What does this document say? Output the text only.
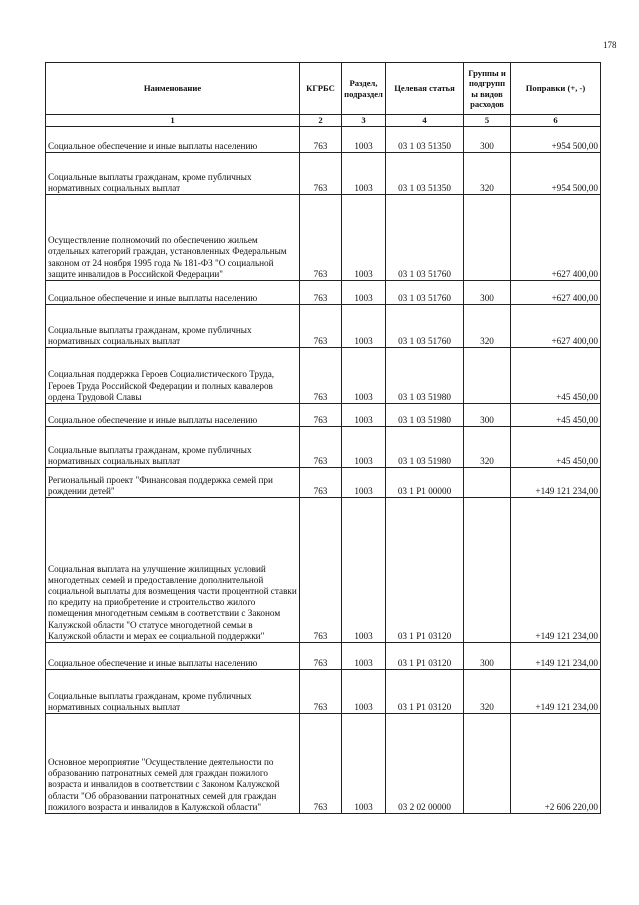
178
Наименование	КГРБС	Раздел, подраздел	Целевая статья	Группы и подгрупп ы видов расходов	Поправки (+, -)
1	2	3	4	5	6
Социальное обеспечение и иные выплаты населению	763	1003	03 1 03 51350	300	+954 500,00
Социальные выплаты гражданам, кроме публичных нормативных социальных выплат	763	1003	03 1 03 51350	320	+954 500,00
Осуществление полномочий по обеспечению жильем отдельных категорий граждан, установленных Федеральным законом от 24 ноября 1995 года № 181-ФЗ "О социальной защите инвалидов в Российской Федерации"	763	1003	03 1 03 51760		+627 400,00
Социальное обеспечение и иные выплаты населению	763	1003	03 1 03 51760	300	+627 400,00
Социальные выплаты гражданам, кроме публичных нормативных социальных выплат	763	1003	03 1 03 51760	320	+627 400,00
Социальная поддержка Героев Социалистического Труда, Героев Труда Российской Федерации и полных кавалеров ордена Трудовой Славы	763	1003	03 1 03 51980		+45 450,00
Социальное обеспечение и иные выплаты населению	763	1003	03 1 03 51980	300	+45 450,00
Социальные выплаты гражданам, кроме публичных нормативных социальных выплат	763	1003	03 1 03 51980	320	+45 450,00
Региональный проект "Финансовая поддержка семей при рождении детей"	763	1003	03 1 P1 00000		+149 121 234,00
Социальная выплата на улучшение жилищных условий многодетных семей и предоставление дополнительной социальной выплаты для возмещения части процентной ставки по кредиту на приобретение и строительство жилого помещения многодетным семьям в соответствии с Законом Калужской области "О статусе многодетной семьи в Калужской области и мерах ее социальной поддержки"	763	1003	03 1 P1 03120		+149 121 234,00
Социальное обеспечение и иные выплаты населению	763	1003	03 1 P1 03120	300	+149 121 234,00
Социальные выплаты гражданам, кроме публичных нормативных социальных выплат	763	1003	03 1 P1 03120	320	+149 121 234,00
Основное мероприятие "Осуществление деятельности по образованию патронатных семей для граждан пожилого возраста и инвалидов в соответствии с Законом Калужской области "Об образовании патронатных семей для граждан пожилого возраста и инвалидов в Калужской области"	763	1003	03 2 02 00000		+2 606 220,00
